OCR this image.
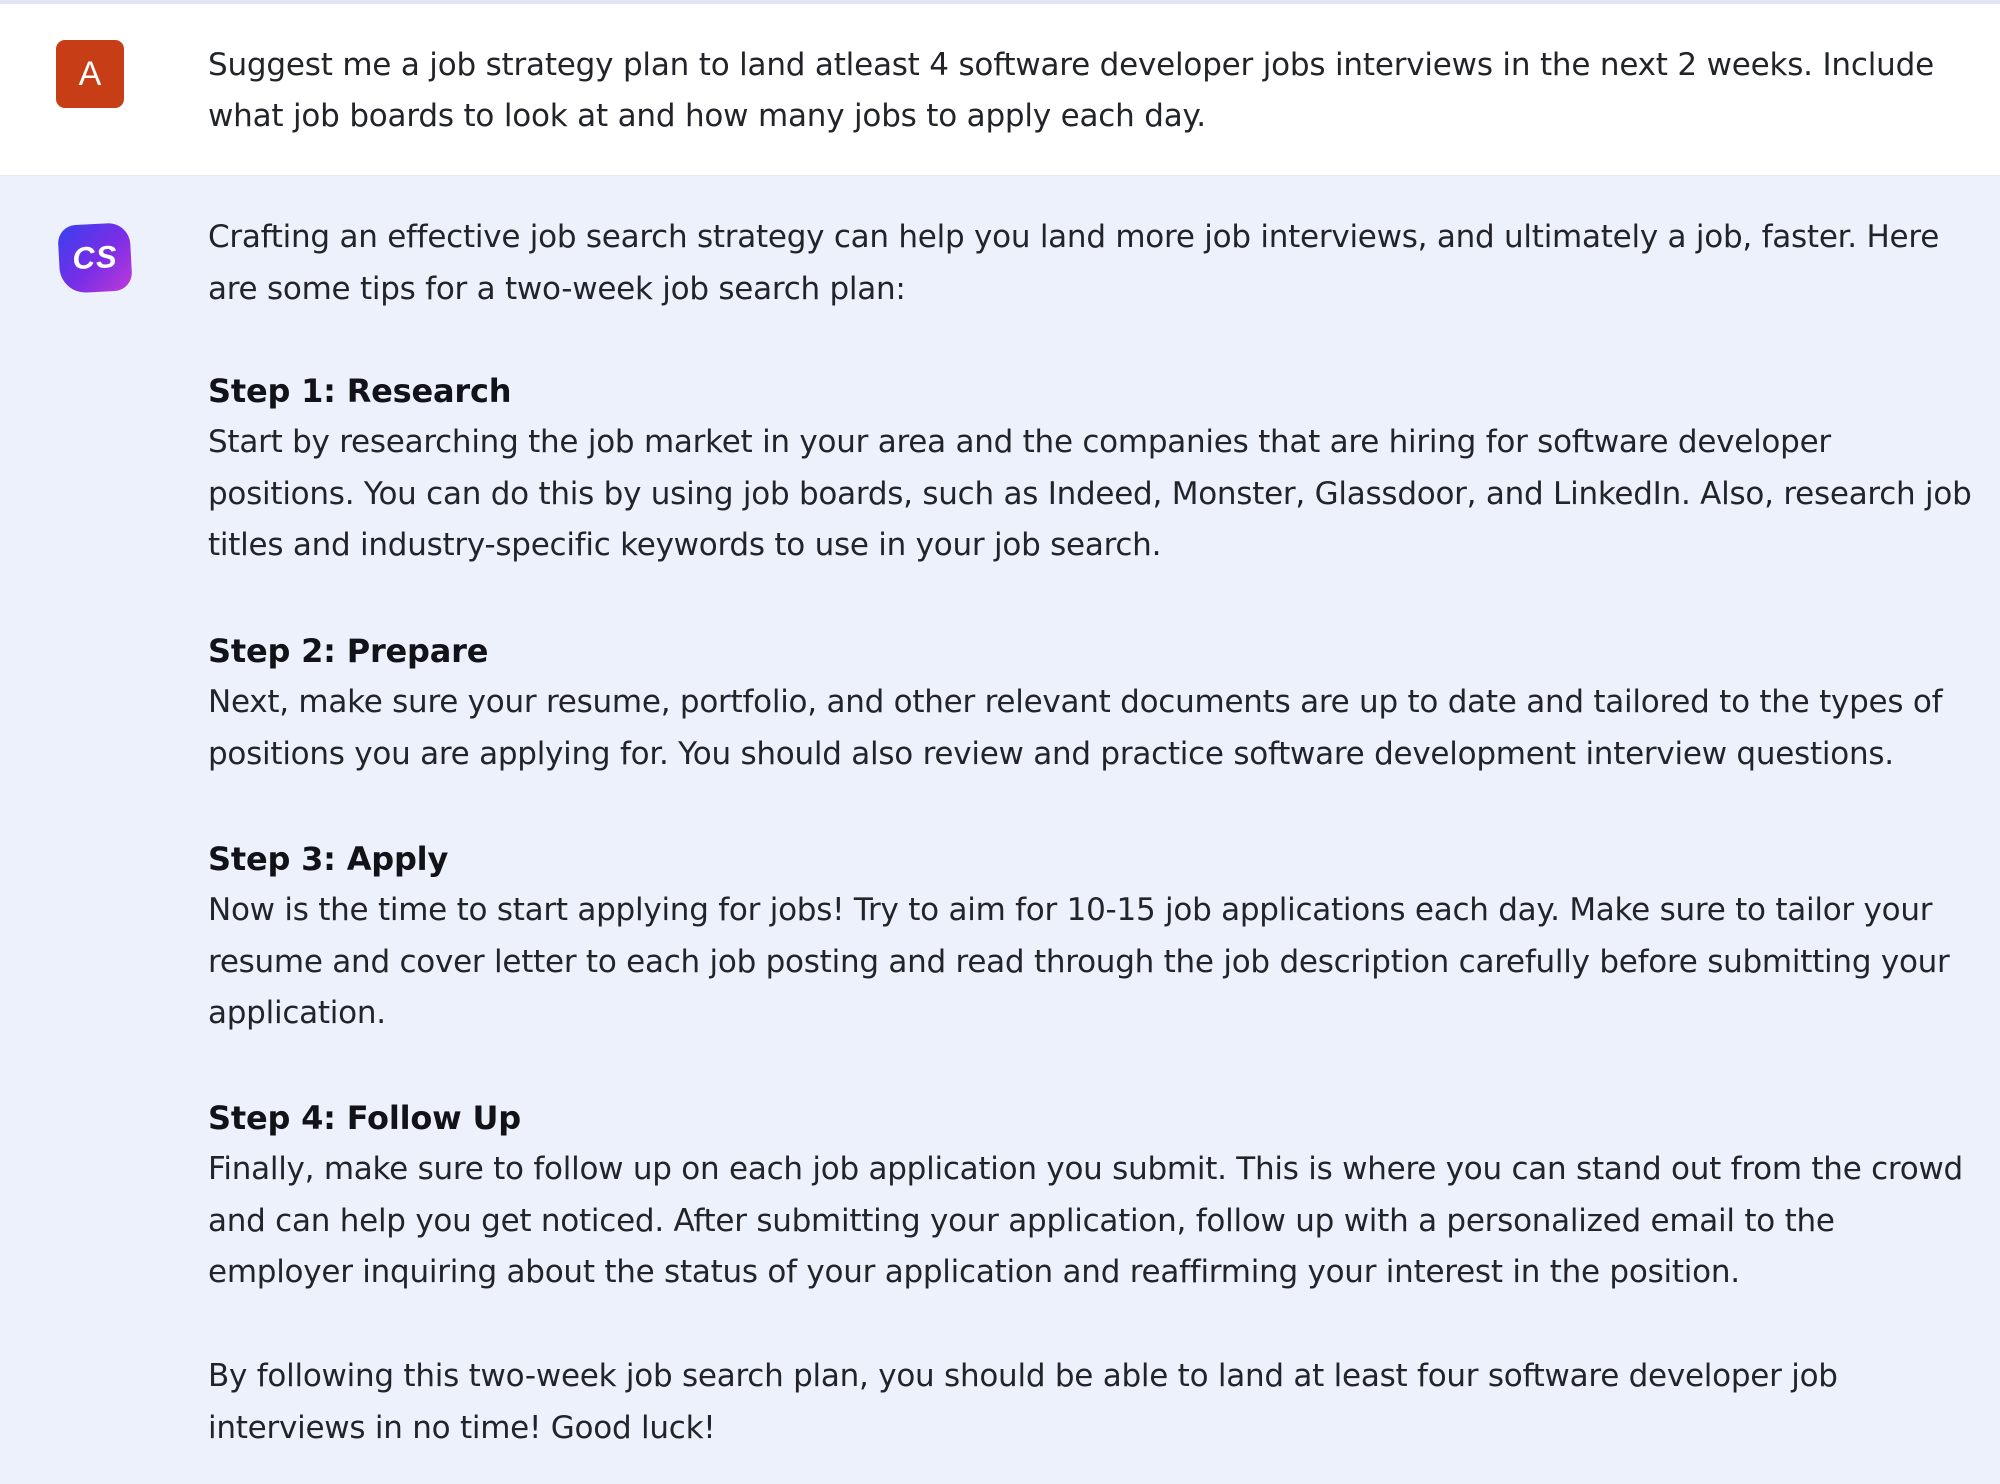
A	Suggest me a job strategy plan to land atleast 4 software developer jobs interviews in the next 2 weeks. Include what job boards to look at and how many jobs to apply each day.
CS

Crafting an effective job search strategy can help you land more job interviews, and ultimately a job, faster. Here are some tips for a two-week job search plan:

Step 1: Research

Start by researching the job market in your area and the companies that are hiring for software developer positions. You can do this by using job boards, such as Indeed, Monster, Glassdoor, and LinkedIn. Also, research job titles and industry-specific keywords to use in your job search.

Step 2: Prepare

Next, make sure your resume, portfolio, and other relevant documents are up to date and tailored to the types of positions you are applying for. You should also review and practice software development interview questions.

Step 3: Apply

Now is the time to start applying for jobs! Try to aim for 10-15 job applications each day. Make sure to tailor your resume and cover letter to each job posting and read through the job description carefully before submitting your application.

Step 4: Follow Up

Finally, make sure to follow up on each job application you submit. This is where you can stand out from the crowd and can help you get noticed. After submitting your application, follow up with a personalized email to the employer inquiring about the status of your application and reaffirming your interest in the position.

By following this two-week job search plan, you should be able to land at least four software developer job interviews in no time! Good luck!
